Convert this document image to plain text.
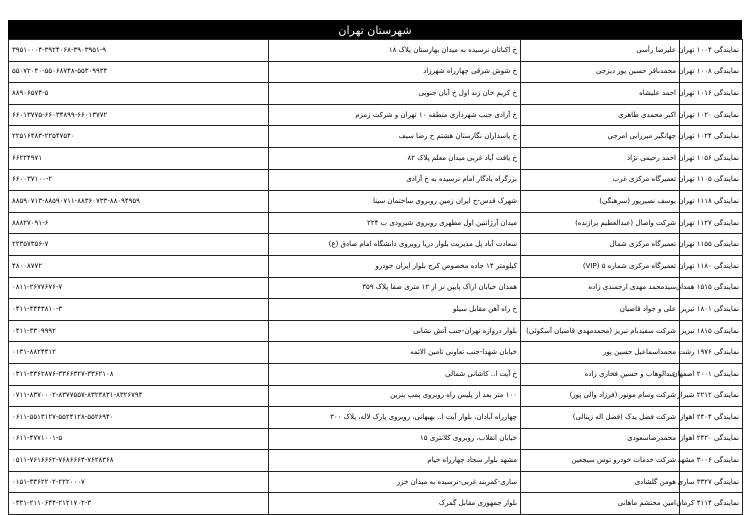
شهرستان تهران
نمایندگی ۱۰۰۴ تهران	علیرضا رأسی	خ اکباتان نرسیده به میدان بهارستان پلاک ۱۸	۳۹۵۱۰۰۰۴-۳۹۲۴۰۶۸-۳۹۰۳۹۵۱-۹
نمایندگی ۱۰۰۸ تهران	محمدباقر حسین پور دیزجی	خ شوش شرقی چهارراه شهرزاد	۵۵۰۷۲۰۴۰-۵۵۰۶۸۷۴۸-۵۵۳۰۹۹۳۴
نمایندگی ۱۰۱۶ تهران	احمد علیشاه	خ کریم خان زند اول خ آبان جنوبی	۸۸۹۰۶۵۷۴-۵
نمایندگی ۱۰۲۰ تهران	اکبر محمدی طاهری	خ آزادی جنب شهرداری منطقه ۱۰ تهران و شرکت زمزم	۶۶۰۱۳۷۷۵-۶۶۰۳۴۸۹۹-۶۶۰۱۳۷۷۲
نمایندگی ۱۰۲۴ تهران	جهانگیر میرزایی امرجی	خ پاسداران نگارستان هشتم خ رضا سیف	۲۲۵۱۶۴۸۳-۲۲۵۴۷۵۴۰
نمایندگی ۱۰۵۶ تهران	احمد رحیمی نژاد	خ یافت آباد غربی میدان معلم پلاک ۸۲	۶۶۲۲۴۹۷۱
نمایندگی ۱۱۰۵ تهران	تعمیرگاه مرکزی غرب	بزرگراه یادگار امام نرسیده به خ آزادی	۶۶۰۰۳۷۱۰۰-۲
نمایندگی ۱۱۱۸ تهران	یوسف نصیرپور (سرهنگی)	شهرک قدس-خ ایران زمین روبروی ساختمان سینا	۸۸۵۹۰۷۱۳-۸۸۵۹۰۷۱۱-۸۸۳۶۰۷۳۳-۸۸۰۹۴۹۵۹
نمایندگی ۱۱۲۷ تهران	شرکت واصال (عبدالعظیم برازنده)	میدان آرژانتین اول مطهری روبروی شیرودی ب ۲۲۴	۸۸۸۲۷۰۹۱-۶
نمایندگی ۱۱۵۵ تهران	تعمیرگاه مرکزی شمال	سعادت آباد پل مدیریت بلوار دریا روبروی دانشگاه امام صادق (ع)	۲۲۳۵۷۳۵۶-۷
نمایندگی ۱۱۸۰ تهران	تعمیرگاه مرکزی شماره ۵ (VIP)	کیلومتر ۱۴ جاده مخصوص کرج بلوار ایران خودرو	۴۸۰۰۸۷۷۲
نمایندگی ۱۵۱۵ همدان	سیدمحمد مهدی ارجمندی زاده	همدان خیابان اراک پایین تر از ۱۲ متری صفا پلاک ۳۵۹	۰۸۱۱-۲۶۷۷۶۷۶-۷
نمایندگی ۱۸۰۱ تبریز	علی و جواد قاضیان	خ راه آهن مقابل سیلو	۰۴۱۱-۴۴۴۳۸۱۰-۳
نمایندگی ۱۸۱۵ تبریز	شرکت سفیدبام تبریز (محمدمهدی قاضیان آسکوئی)	بلوار دروازه تهران-جنب آتش نشانی	۰۴۱۱-۳۳۰۹۹۹۲
نمایندگی ۱۹۷۶ رشت	محمداسماعیل حسین پور	خیابان شهدا-جنب تعاونی تامین الائمه	۰۱۳۱-۸۸۲۴۴۱۲
نمایندگی ۲۰۰۱ اصفهان	عبدالوهاب و حسین فخاری زاده	خ آیت ا.. کاشانی شمالی	۰۳۱۱-۳۳۶۲۸۷۶-۳۳۶۶۳۲۷-۳۳۶۲۱۰۸
نمایندگی ۲۲۱۲ شیراز	شرکت وسام موتور (فرزاد والی پور)	۱۰۰ متر بعد از پلیس راه روبروی پمپ بنزین	۰۷۱۱-۸۳۷۰۰۰۲-۸۳۷۷۵۵۷-۸۳۲۳۸۳۱-۸۳۲۶۷۹۴
نمایندگی ۲۴۰۴ اهواز	شرکت فضل یدک (فضل اله زینالی)	چهارراه آبادان، بلوار آیت ا.. بهبهانی، روبروی پارک لاله، پلاک ۳۰۰	۰۶۱۱-۵۵۱۳۱۲۷-۵۵۲۴۱۲۸-۵۵۲۶۹۴۰
نمایندگی ۲۴۲۰ اهواز	محمدرضاسعودی	خیابان انقلاب، روبروی کلانتری ۱۵	۰۶۱۱-۴۷۷۱۰۰۱-۵
نمایندگی ۳۰۰۶ مشهد	شرکت خدمات خودرو توس سیجعین	مشهد بلوار سجاد چهارراه خیام	۰۵۱۱-۷۶۱۶۶۶۲-۷۶۸۶۶۶۴-۷۶۲۸۳۶۸
نمایندگی ۳۳۲۷ ساری	هومن گلشادی	ساری-کمربند غربی-نرسیده به میدان خزر	۰۱۵۱-۳۳۶۲۲۰۲-۲۲۲۰۰۰۷
نمایندگی ۴۱۱۴ کرمان	امین محتشم ماهانی	بلوار جمهوری مقابل گمرک	۰۳۴۱-۲۱۱۰۶۴۴-۲۱۲۱۷۰۲-۳
